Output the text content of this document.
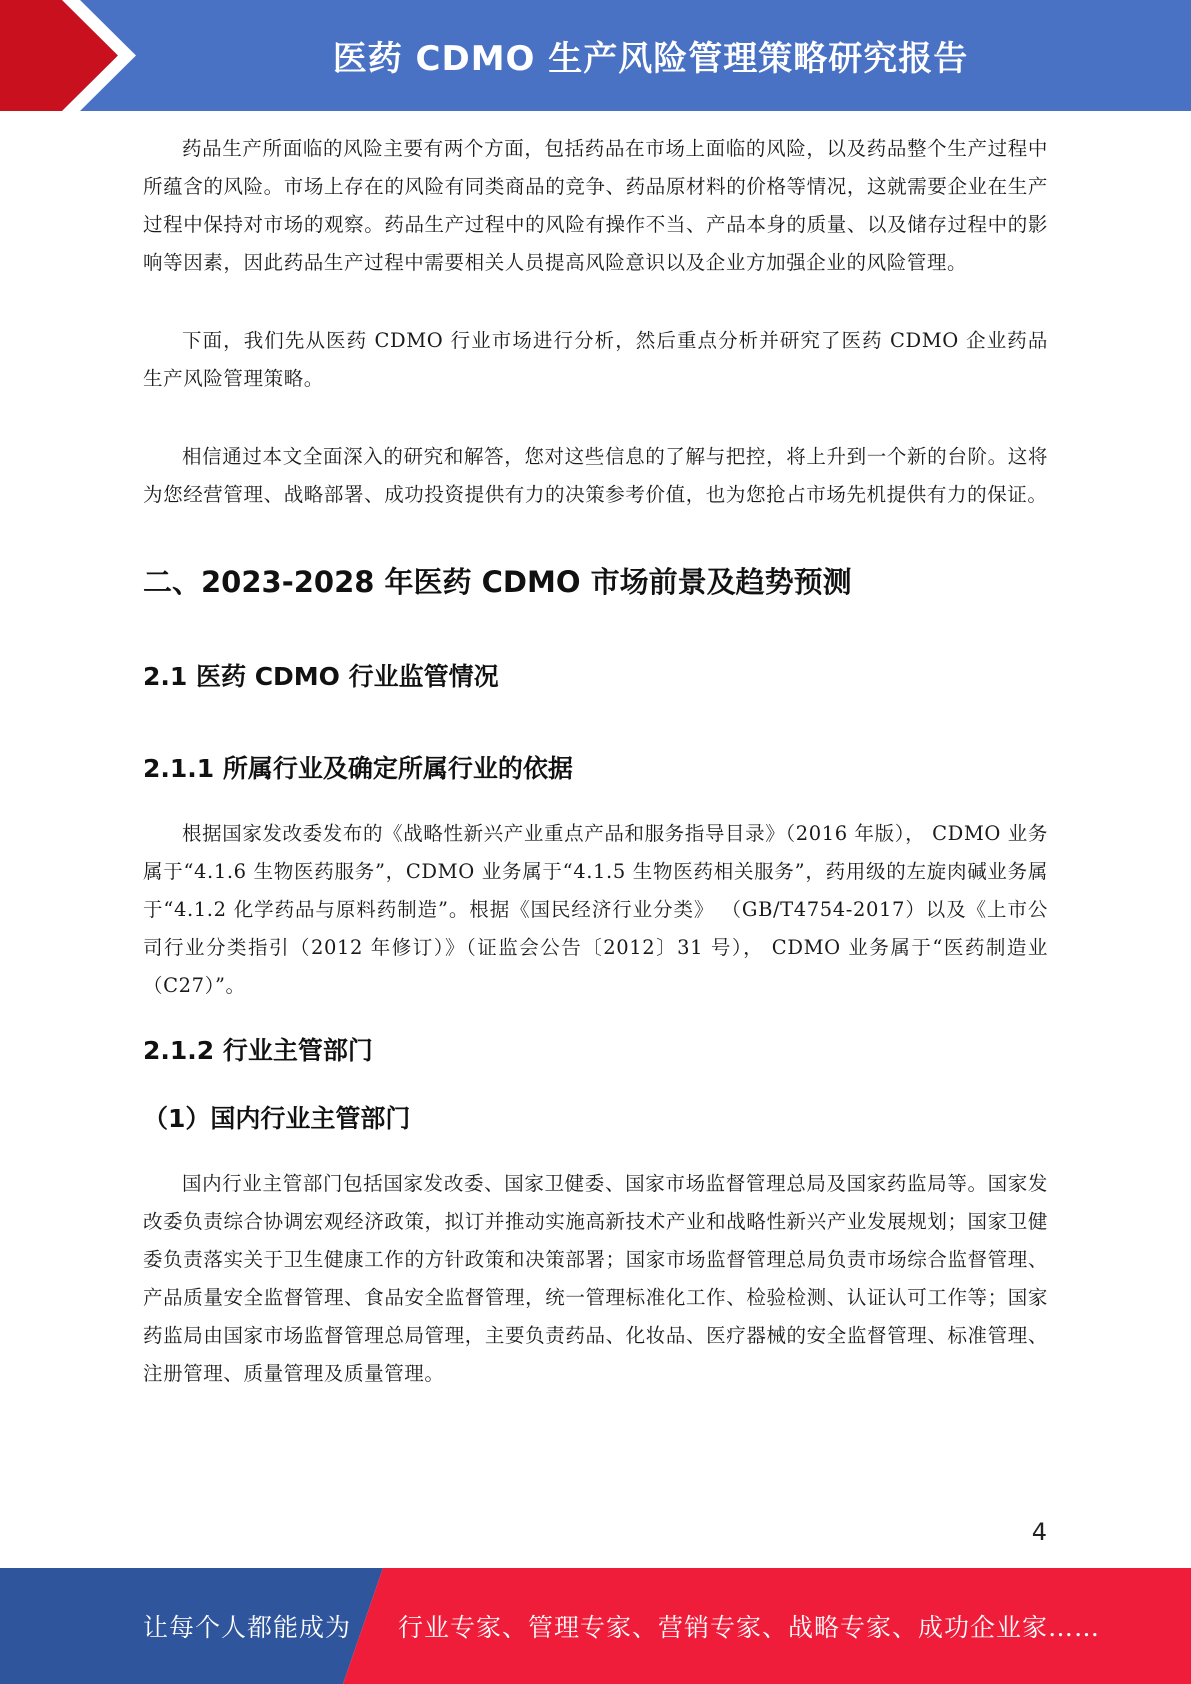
医药 CDMO 生产风险管理策略研究报告

药品生产所面临的风险主要有两个方面，包括药品在市场上面临的风险，以及药品整个生产过程中所蕴含的风险。市场上存在的风险有同类商品的竞争、药品原材料的价格等情况，这就需要企业在生产过程中保持对市场的观察。药品生产过程中的风险有操作不当、产品本身的质量、以及储存过程中的影响等因素，因此药品生产过程中需要相关人员提高风险意识以及企业方加强企业的风险管理。

下面，我们先从医药 CDMO 行业市场进行分析，然后重点分析并研究了医药 CDMO 企业药品生产风险管理策略。

相信通过本文全面深入的研究和解答，您对这些信息的了解与把控，将上升到一个新的台阶。这将为您经营管理、战略部署、成功投资提供有力的决策参考价值，也为您抢占市场先机提供有力的保证。

二、2023-2028 年医药 CDMO 市场前景及趋势预测
2.1 医药 CDMO 行业监管情况
2.1.1 所属行业及确定所属行业的依据

根据国家发改委发布的《战略性新兴产业重点产品和服务指导目录》（2016 年版）， CDMO 业务属于“4.1.6 生物医药服务”，CDMO 业务属于“4.1.5 生物医药相关服务”，药用级的左旋肉碱业务属于“4.1.2 化学药品与原料药制造”。根据《国民经济行业分类》 （GB/T4754-2017）以及《上市公司行业分类指引（2012 年修订）》（证监会公告〔2012〕31 号）， CDMO 业务属于“医药制造业（C27）”。

2.1.2 行业主管部门
（1）国内行业主管部门

国内行业主管部门包括国家发改委、国家卫健委、国家市场监督管理总局及国家药监局等。国家发改委负责综合协调宏观经济政策，拟订并推动实施高新技术产业和战略性新兴产业发展规划；国家卫健委负责落实关于卫生健康工作的方针政策和决策部署；国家市场监督管理总局负责市场综合监督管理、产品质量安全监督管理、食品安全监督管理，统一管理标准化工作、检验检测、认证认可工作等；国家药监局由国家市场监督管理总局管理，主要负责药品、化妆品、医疗器械的安全监督管理、标准管理、注册管理、质量管理及质量管理。

4
让每个人都能成为 行业专家、管理专家、营销专家、战略专家、成功企业家……
